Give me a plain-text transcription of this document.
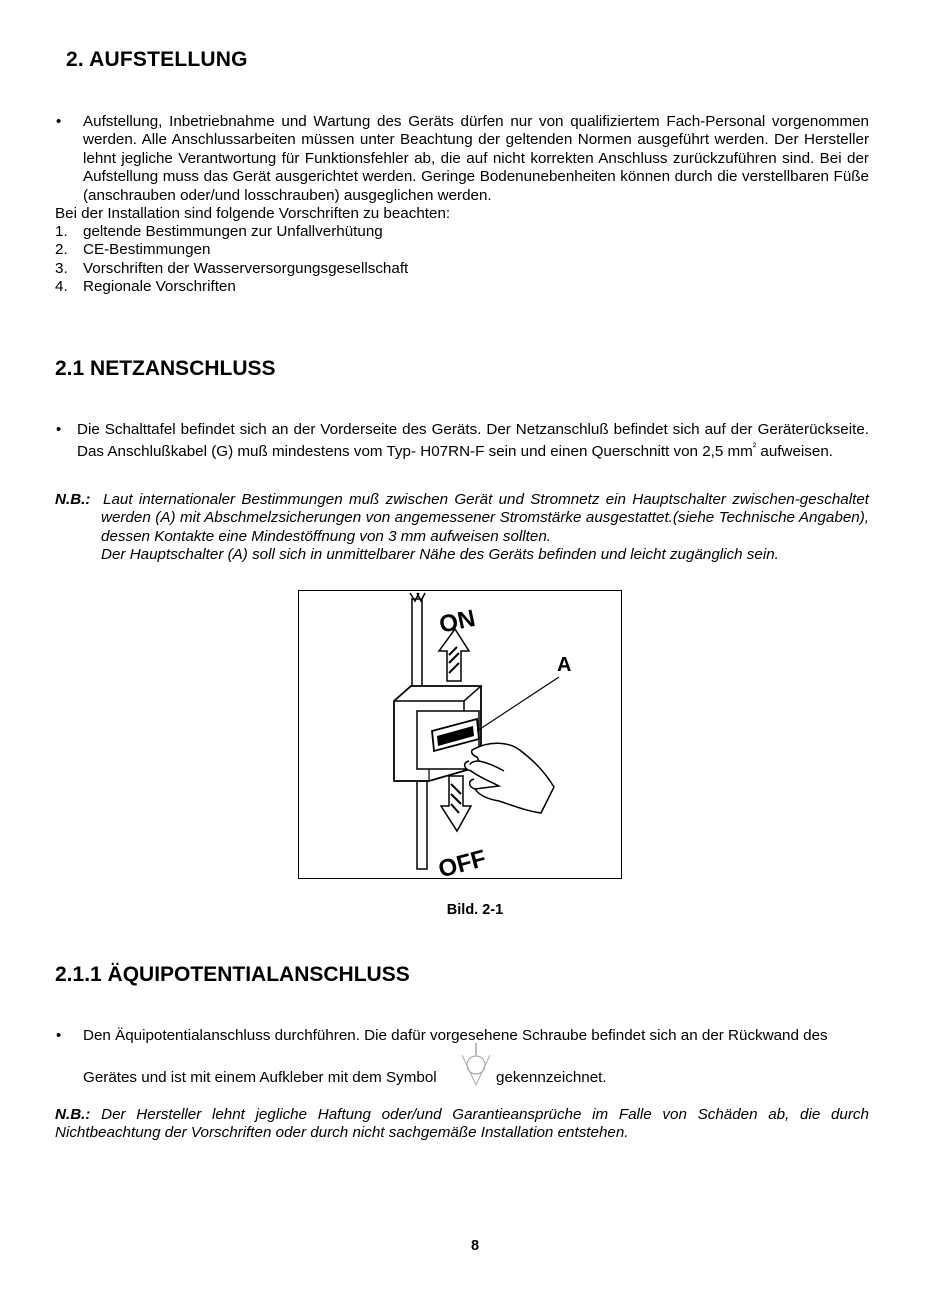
2. AUFSTELLUNG
• Aufstellung, Inbetriebnahme und Wartung des Geräts dürfen nur von qualifiziertem Fach-Personal vorgenommen werden. Alle Anschlussarbeiten müssen unter Beachtung der geltenden Normen ausgeführt werden. Der Hersteller lehnt jegliche Verantwortung für Funktionsfehler ab, die auf nicht korrekten Anschluss zurückzuführen sind. Bei der Aufstellung muss das Gerät ausgerichtet werden. Geringe Bodenunebenheiten können durch die verstellbaren Füße (anschrauben oder/und losschrauben) ausgeglichen werden.

Bei der Installation sind folgende Vorschriften zu beachten:

1.	geltende Bestimmungen zur Unfallverhütung
2.	CE-Bestimmungen
3.	Vorschriften der Wasserversorgungsgesellschaft
4.	Regionale Vorschriften
2.1 NETZANSCHLUSS
• Die Schalttafel befindet sich an der Vorderseite des Geräts. Der Netzanschluß befindet sich auf der Geräterückseite. Das Anschlußkabel (G) muß mindestens vom Typ- H07RN-F sein und einen Querschnitt von 2,5 $mm^{^2}$ aufweisen.

N.B.: Laut internationaler Bestimmungen muß zwischen Gerät und Stromnetz ein Hauptschalter zwischen-geschaltet werden (A) mit Abschmelzsicherungen von angemessener Stromstärke ausgestattet.(siehe Technische Angaben), dessen Kontakte eine Mindestöffnung von 3 mm aufweisen sollten.

Der Hauptschalter (A) soll sich in unmittelbarer Nähe des Geräts befinden und leicht zugänglich sein.

ON
OFF
A
Bild. 2-1
2.1.1 ÄQUIPOTENTIALANSCHLUSS
• Den Äquipotentialanschluss durchführen. Die dafür vorgesehene Schraube befindet sich an der Rückwand des

Gerätes und ist mit einem Aufkleber mit dem Symbol	gekennzeichnet.

N.B.: Der Hersteller lehnt jegliche Haftung oder/und Garantieansprüche im Falle von Schäden ab, die durch Nichtbeachtung der Vorschriften oder durch nicht sachgemäße Installation entstehen.

8
